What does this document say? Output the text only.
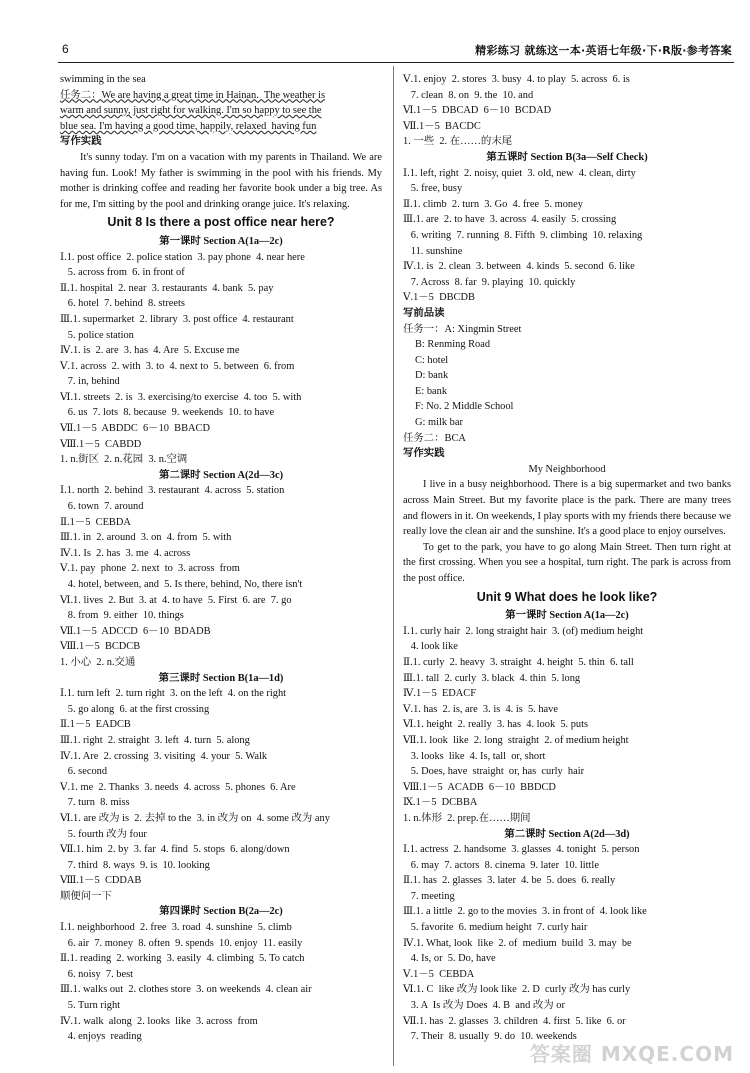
6	精彩练习 就练这一本·英语七年级·下·R版·参考答案
swimming in the sea
任务二：We are having a great time in Hainan.  The weather is
warm and sunny, just right for walking. I'm so happy to see the
blue sea. I'm having a good time, happily, relaxed  having fun
写作实践
It's sunny today. I'm on a vacation with my parents in Thailand. We are having fun. Look! My father is swimming in the pool with his friends. My mother is drinking coffee and reading her favorite book under a big tree. As for me, I'm sitting by the pool and drinking orange juice. It's relaxing.
Unit 8 Is there a post office near here?
第一课时 Section A(1a—2c)
Ⅰ.1. post office  2. police station  3. pay phone  4. near here
5. across from  6. in front of
Ⅱ.1. hospital  2. near  3. restaurants  4. bank  5. pay
6. hotel  7. behind  8. streets
Ⅲ.1. supermarket  2. library  3. post office  4. restaurant
5. police station
Ⅳ.1. is  2. are  3. has  4. Are  5. Excuse me
Ⅴ.1. across  2. with  3. to  4. next to  5. between  6. from
7. in, behind
Ⅵ.1. streets  2. is  3. exercising/to exercise  4. too  5. with
6. us  7. lots  8. because  9. weekends  10. to have
Ⅶ.1－5  ABDDC  6－10  BBACD
Ⅷ.1－5  CABDD
1. n.街区  2. n.花园  3. n.空调
第二课时 Section A(2d—3c)
Ⅰ.1. north  2. behind  3. restaurant  4. across  5. station
6. town  7. around
Ⅱ.1－5  CEBDA
Ⅲ.1. in  2. around  3. on  4. from  5. with
Ⅳ.1. Is  2. has  3. me  4. across
Ⅴ.1. pay  phone  2. next  to  3. across  from
4. hotel, between, and  5. Is there, behind, No, there isn't
Ⅵ.1. lives  2. But  3. at  4. to have  5. First  6. are  7. go
8. from  9. either  10. things
Ⅶ.1－5  ADCCD  6－10  BDADB
Ⅷ.1－5  BCDCB
1. 小心  2. n.交通
第三课时 Section B(1a—1d)
Ⅰ.1. turn left  2. turn right  3. on the left  4. on the right
5. go along  6. at the first crossing
Ⅱ.1－5  EADCB
Ⅲ.1. right  2. straight  3. left  4. turn  5. along
Ⅳ.1. Are  2. crossing  3. visiting  4. your  5. Walk
6. second
Ⅴ.1. me  2. Thanks  3. needs  4. across  5. phones  6. Are
7. turn  8. miss
Ⅵ.1. are 改为 is  2. 去掉 to the  3. in 改为 on  4. some 改为 any
5. fourth 改为 four
Ⅶ.1. him  2. by  3. far  4. find  5. stops  6. along/down
7. third  8. ways  9. is  10. looking
Ⅷ.1－5  CDDAB
顺便问一下
第四课时 Section B(2a—2c)
Ⅰ.1. neighborhood  2. free  3. road  4. sunshine  5. climb
6. air  7. money  8. often  9. spends  10. enjoy  11. easily
Ⅱ.1. reading  2. working  3. easily  4. climbing  5. To catch
6. noisy  7. best
Ⅲ.1. walks out  2. clothes store  3. on weekends  4. clean air
5. Turn right
Ⅳ.1. walk  along  2. looks  like  3. across  from
4. enjoys  reading
Ⅴ.1. enjoy  2. stores  3. busy  4. to play  5. across  6. is
7. clean  8. on  9. the  10. and
Ⅵ.1－5  DBCAD  6－10  BCDAD
Ⅶ.1－5  BACDC
1. 一些  2. 在……的末尾
第五课时 Section B(3a—Self Check)
Ⅰ.1. left, right  2. noisy, quiet  3. old, new  4. clean, dirty
5. free, busy
Ⅱ.1. climb  2. turn  3. Go  4. free  5. money
Ⅲ.1. are  2. to have  3. across  4. easily  5. crossing
6. writing  7. running  8. Fifth  9. climbing  10. relaxing
11. sunshine
Ⅳ.1. is  2. clean  3. between  4. kinds  5. second  6. like
7. Across  8. far  9. playing  10. quickly
Ⅴ.1－5  DBCDB
写前品读
任务一：A: Xingmin Street
B: Renming Road
C: hotel
D: bank
E: bank
F: No. 2 Middle School
G: milk bar
任务二：BCA
写作实践
My Neighborhood
I live in a busy neighborhood. There is a big supermarket and two banks across Main Street. But my favorite place is the park. There are many trees and flowers in it. On weekends, I play sports with my friends there because we really love the clean air and the sunshine. It's a good place to enjoy ourselves.
To get to the park, you have to go along Main Street. Then turn right at the first crossing. When you see a hospital, turn right. The park is across from the post office.
Unit 9 What does he look like?
第一课时 Section A(1a—2c)
Ⅰ.1. curly hair  2. long straight hair  3. (of) medium height
4. look like
Ⅱ.1. curly  2. heavy  3. straight  4. height  5. thin  6. tall
Ⅲ.1. tall  2. curly  3. black  4. thin  5. long
Ⅳ.1－5  EDACF
Ⅴ.1. has  2. is, are  3. is  4. is  5. have
Ⅵ.1. height  2. really  3. has  4. look  5. puts
Ⅶ.1. look  like  2. long  straight  2. of medium height
3. looks  like  4. Is, tall  or, short
5. Does, have  straight  or, has  curly  hair
Ⅷ.1－5  ACADB  6－10  BBDCD
Ⅸ.1－5  DCBBA
1. n.体形  2. prep.在……期间
第二课时 Section A(2d—3d)
Ⅰ.1. actress  2. handsome  3. glasses  4. tonight  5. person
6. may  7. actors  8. cinema  9. later  10. little
Ⅱ.1. has  2. glasses  3. later  4. be  5. does  6. really
7. meeting
Ⅲ.1. a little  2. go to the movies  3. in front of  4. look like
5. favorite  6. medium height  7. curly hair
Ⅳ.1. What, look  like  2. of  medium  build  3. may  be
4. Is, or  5. Do, have
Ⅴ.1－5  CEBDA
Ⅵ.1. C  like 改为 look like  2. D  curly 改为 has curly
3. A  Is 改为 Does  4. B  and 改为 or
Ⅶ.1. has  2. glasses  3. children  4. first  5. like  6. or
7. Their  8. usually  9. do  10. weekends
答案圈 MXQE.COM
